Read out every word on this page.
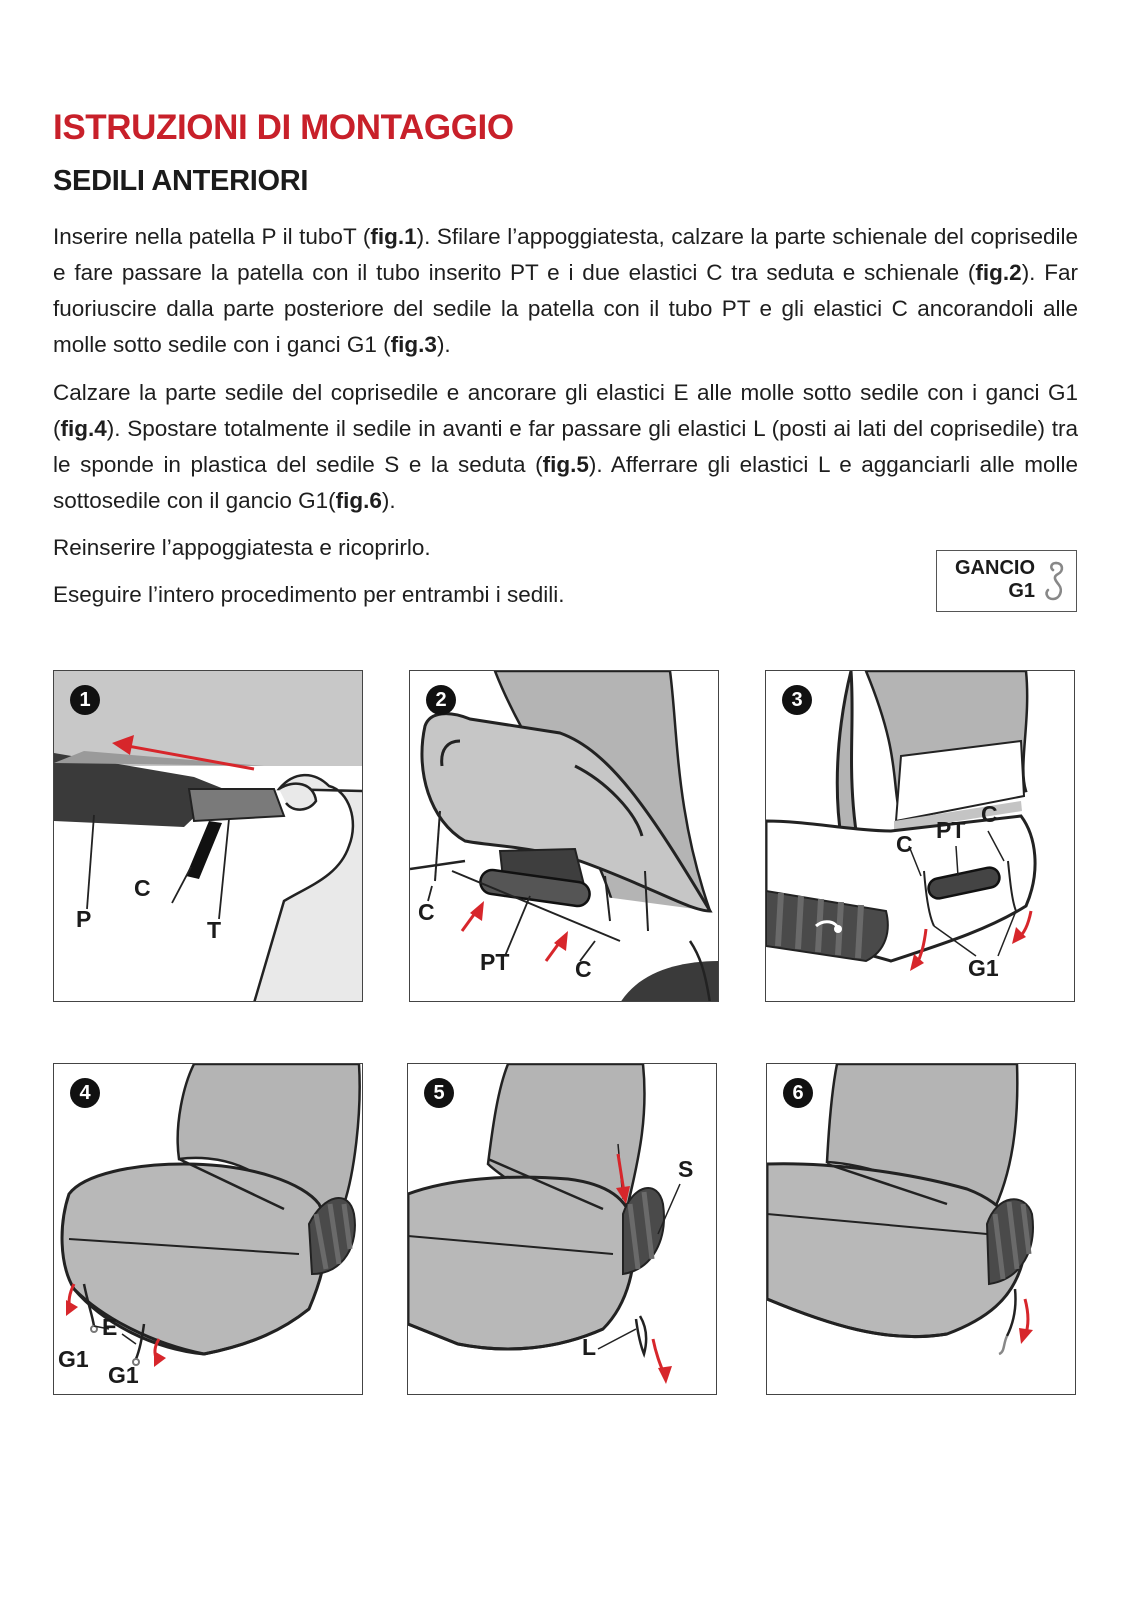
ISTRUZIONI DI MONTAGGIO
SEDILI ANTERIORI

Inserire nella patella P il tuboT (fig.1). Sfilare l’appoggiatesta, calzare la parte schienale del coprisedile e fare passare la patella con il tubo inserito PT e i due elastici C tra seduta e schienale (fig.2). Far fuoriuscire dalla parte posteriore del sedile la patella con il tubo PT e gli elastici C ancorandoli alle molle sotto sedile con i ganci G1 (fig.3).

Calzare la parte sedile del coprisedile e ancorare gli elastici E alle molle sotto sedile con i ganci G1 (fig.4). Spostare totalmente il sedile in avanti e far passare gli elastici L (posti ai lati del coprisedile) tra le sponde in plastica del sedile S e la seduta (fig.5). Afferrare gli elastici L e agganciarli alle molle sottosedile con il gancio G1(fig.6).

Reinserire l’appoggiatesta e ricoprirlo.

Eseguire l’intero procedimento per entrambi i sedili.

GANCIO
G1
1
P
C
T
2
C
PT	C
3
C
PT
C
G1
4
E
G1
G1
5
S
L
6
